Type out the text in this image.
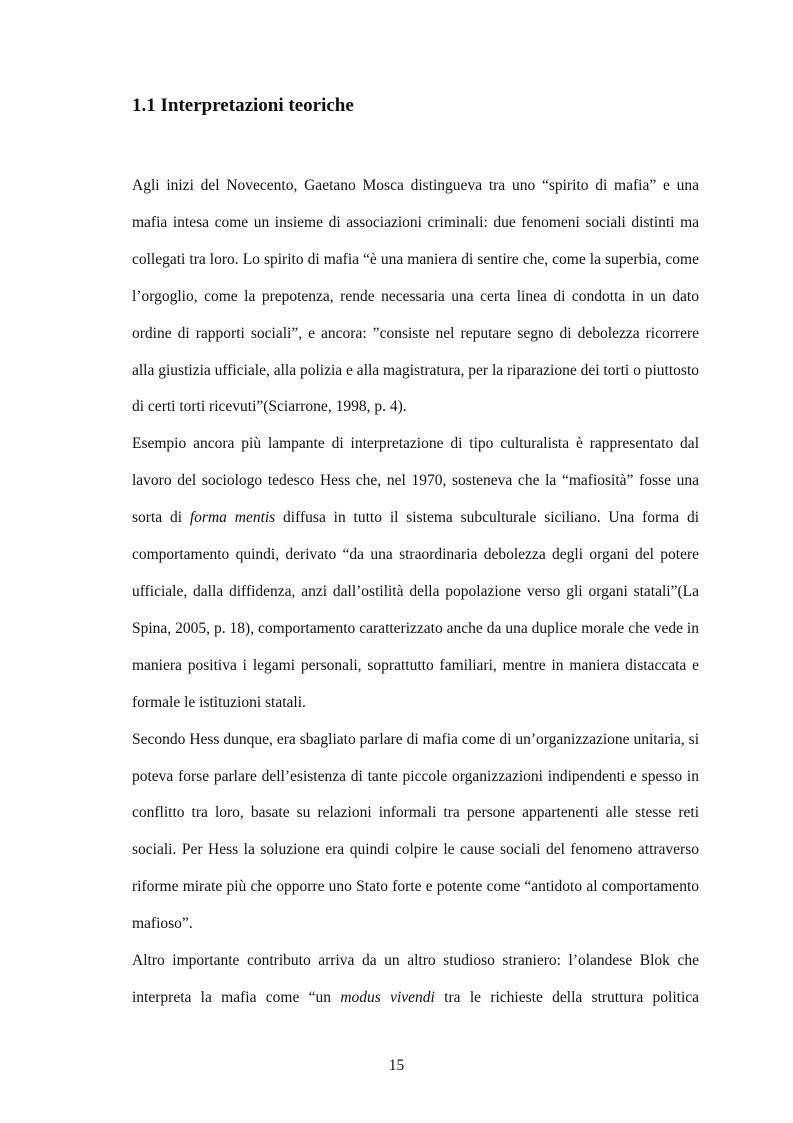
1.1 Interpretazioni teoriche

Agli inizi del Novecento, Gaetano Mosca distingueva tra uno “spirito di mafia” e una mafia intesa come un insieme di associazioni criminali: due fenomeni sociali distinti ma collegati tra loro. Lo spirito di mafia “è una maniera di sentire che, come la superbia, come l’orgoglio, come la prepotenza, rende necessaria una certa linea di condotta in un dato ordine di rapporti sociali”, e ancora: ”consiste nel reputare segno di debolezza ricorrere alla giustizia ufficiale, alla polizia e alla magistratura, per la riparazione dei torti o piuttosto di certi torti ricevuti”(Sciarrone, 1998, p. 4).

Esempio ancora più lampante di interpretazione di tipo culturalista è rappresentato dal lavoro del sociologo tedesco Hess che, nel 1970, sosteneva che la “mafiosità” fosse una sorta di forma mentis diffusa in tutto il sistema subculturale siciliano. Una forma di comportamento quindi, derivato “da una straordinaria debolezza degli organi del potere ufficiale, dalla diffidenza, anzi dall’ostilità della popolazione verso gli organi statali”(La Spina, 2005, p. 18), comportamento caratterizzato anche da una duplice morale che vede in maniera positiva i legami personali, soprattutto familiari, mentre in maniera distaccata e formale le istituzioni statali.

Secondo Hess dunque, era sbagliato parlare di mafia come di un’organizzazione unitaria, si poteva forse parlare dell’esistenza di tante piccole organizzazioni indipendenti e spesso in conflitto tra loro, basate su relazioni informali tra persone appartenenti alle stesse reti sociali. Per Hess la soluzione era quindi colpire le cause sociali del fenomeno attraverso riforme mirate più che opporre uno Stato forte e potente come “antidoto al comportamento mafioso”.

Altro importante contributo arriva da un altro studioso straniero: l’olandese Blok che interpreta la mafia come “un modus vivendi tra le richieste della struttura politica

15
